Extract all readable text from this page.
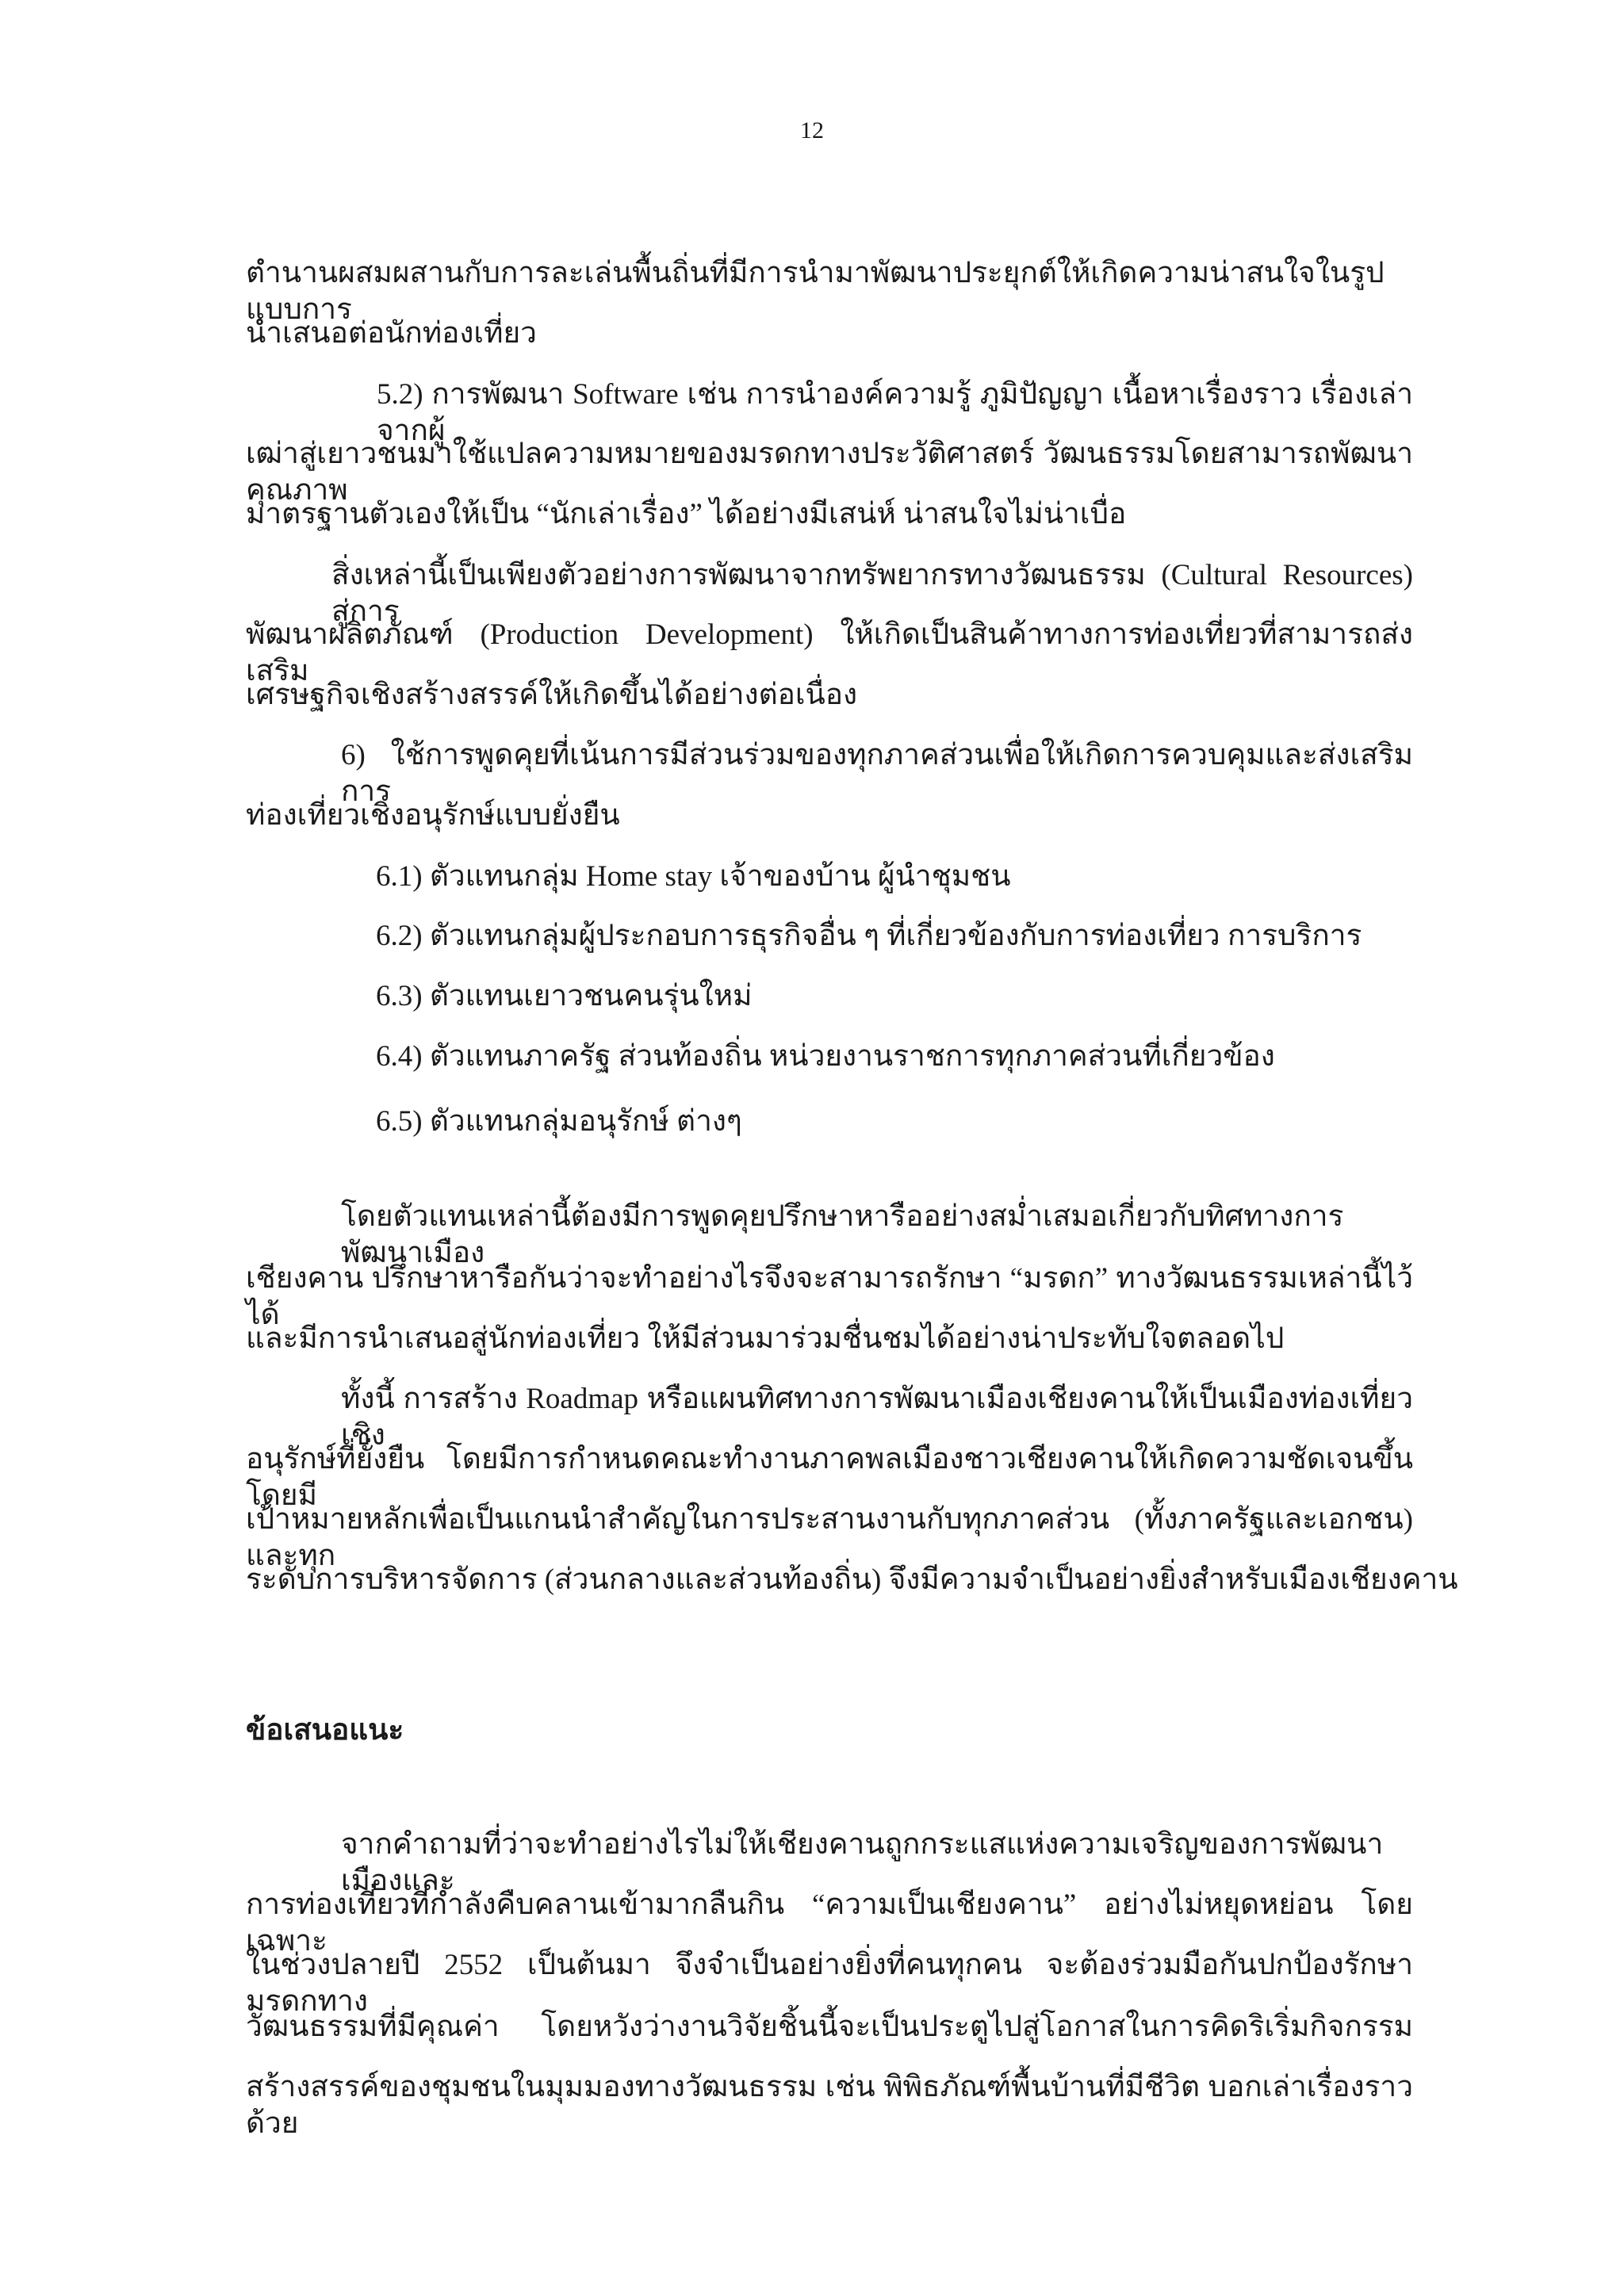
12
ตำนานผสมผสานกับการละเล่นพื้นถิ่นที่มีการนำมาพัฒนาประยุกต์ให้เกิดความน่าสนใจในรูปแบบการ
นำเสนอต่อนักท่องเที่ยว
5.2) การพัฒนา Software เช่น การนำองค์ความรู้ ภูมิปัญญา เนื้อหาเรื่องราว เรื่องเล่าจากผู้
เฒ่าสู่เยาวชนมาใช้แปลความหมายของมรดกทางประวัติศาสตร์ วัฒนธรรมโดยสามารถพัฒนาคุณภาพ
มาตรฐานตัวเองให้เป็น “นักเล่าเรื่อง” ได้อย่างมีเสน่ห์ น่าสนใจไม่น่าเบื่อ
สิ่งเหล่านี้เป็นเพียงตัวอย่างการพัฒนาจากทรัพยากรทางวัฒนธรรม (Cultural Resources) สู่การ
พัฒนาผลิตภัณฑ์ (Production Development) ให้เกิดเป็นสินค้าทางการท่องเที่ยวที่สามารถส่งเสริม
เศรษฐกิจเชิงสร้างสรรค์ให้เกิดขึ้นได้อย่างต่อเนื่อง
6) ใช้การพูดคุยที่เน้นการมีส่วนร่วมของทุกภาคส่วนเพื่อให้เกิดการควบคุมและส่งเสริมการ
ท่องเที่ยวเชิงอนุรักษ์แบบยั่งยืน
6.1) ตัวแทนกลุ่ม Home stay เจ้าของบ้าน ผู้นำชุมชน
6.2) ตัวแทนกลุ่มผู้ประกอบการธุรกิจอื่น ๆ ที่เกี่ยวข้องกับการท่องเที่ยว การบริการ
6.3) ตัวแทนเยาวชนคนรุ่นใหม่
6.4) ตัวแทนภาครัฐ ส่วนท้องถิ่น หน่วยงานราชการทุกภาคส่วนที่เกี่ยวข้อง
6.5) ตัวแทนกลุ่มอนุรักษ์ ต่างๆ
โดยตัวแทนเหล่านี้ต้องมีการพูดคุยปรึกษาหารืออย่างสม่ำเสมอเกี่ยวกับทิศทางการพัฒนาเมือง
เชียงคาน ปรึกษาหารือกันว่าจะทำอย่างไรจึงจะสามารถรักษา “มรดก” ทางวัฒนธรรมเหล่านี้ไว้ได้
และมีการนำเสนอสู่นักท่องเที่ยว ให้มีส่วนมาร่วมชื่นชมได้อย่างน่าประทับใจตลอดไป
ทั้งนี้ การสร้าง Roadmap หรือแผนทิศทางการพัฒนาเมืองเชียงคานให้เป็นเมืองท่องเที่ยวเชิง
อนุรักษ์ที่ยั่งยืน โดยมีการกำหนดคณะทำงานภาคพลเมืองชาวเชียงคานให้เกิดความชัดเจนขึ้น โดยมี
เป้าหมายหลักเพื่อเป็นแกนนำสำคัญในการประสานงานกับทุกภาคส่วน (ทั้งภาครัฐและเอกชน) และทุก
ระดับการบริหารจัดการ (ส่วนกลางและส่วนท้องถิ่น) จึงมีความจำเป็นอย่างยิ่งสำหรับเมืองเชียงคาน
ข้อเสนอแนะ
จากคำถามที่ว่าจะทำอย่างไรไม่ให้เชียงคานถูกกระแสแห่งความเจริญของการพัฒนาเมืองและ
การท่องเที่ยวที่กำลังคืบคลานเข้ามากลืนกิน “ความเป็นเชียงคาน” อย่างไม่หยุดหย่อน โดยเฉพาะ
ในช่วงปลายปี 2552 เป็นต้นมา จึงจำเป็นอย่างยิ่งที่คนทุกคน จะต้องร่วมมือกันปกป้องรักษามรดกทาง
วัฒนธรรมที่มีคุณค่า โดยหวังว่างานวิจัยชิ้นนี้จะเป็นประตูไปสู่โอกาสในการคิดริเริ่มกิจกรรม
สร้างสรรค์ของชุมชนในมุมมองทางวัฒนธรรม เช่น พิพิธภัณฑ์พื้นบ้านที่มีชีวิต บอกเล่าเรื่องราวด้วย
